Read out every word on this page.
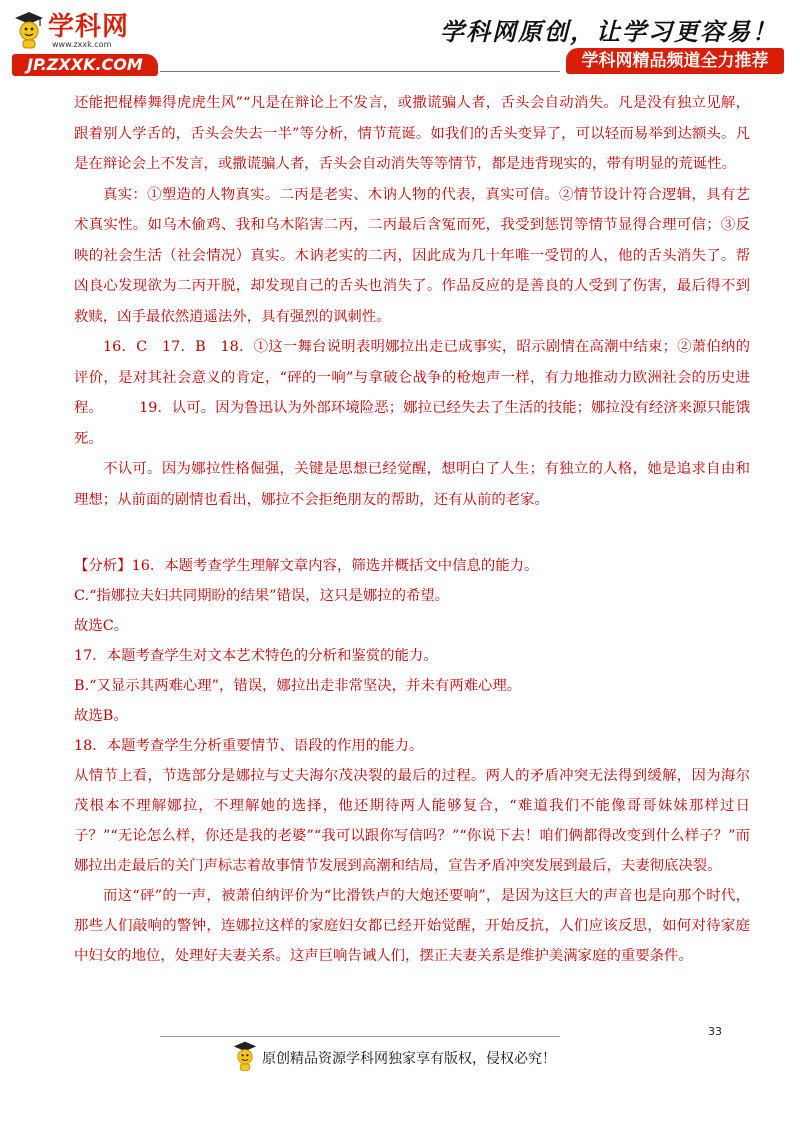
学科网
www.zxxk.com
JP.ZXXK.COM
学科网原创，让学习更容易！
学科网精品频道全力推荐

还能把棍棒舞得虎虎生风”“凡是在辩论上不发言，或撒谎骗人者，舌头会自动消失。凡是没有独立见解，跟着别人学舌的，舌头会失去一半”等分析，情节荒诞。如我们的舌头变异了，可以轻而易举到达额头。凡是在辩论会上不发言，或撒谎骗人者，舌头会自动消失等等情节，都是违背现实的，带有明显的荒诞性。

真实：①塑造的人物真实。二丙是老实、木讷人物的代表，真实可信。②情节设计符合逻辑，具有艺术真实性。如乌木偷鸡、我和乌木陷害二丙，二丙最后含冤而死，我受到惩罚等情节显得合理可信；③反映的社会生活（社会情况）真实。木讷老实的二丙，因此成为几十年唯一受罚的人，他的舌头消失了。帮凶良心发现欲为二丙开脱，却发现自己的舌头也消失了。作品反应的是善良的人受到了伤害，最后得不到救赎，凶手最依然逍遥法外，具有强烈的讽刺性。

16．C　17．B　18．①这一舞台说明表明娜拉出走已成事实，昭示剧情在高潮中结束；②萧伯纳的评价，是对其社会意义的肯定，“砰的一响”与拿破仑战争的枪炮声一样，有力地推动力欧洲社会的历史进程。　　　19．认可。因为鲁迅认为外部环境险恶；娜拉已经失去了生活的技能；娜拉没有经济来源只能饿死。

不认可。因为娜拉性格倔强，关键是思想已经觉醒，想明白了人生；有独立的人格，她是追求自由和理想；从前面的剧情也看出，娜拉不会拒绝朋友的帮助，还有从前的老家。

【分析】16．本题考查学生理解文章内容，筛选并概括文中信息的能力。

C.“指娜拉夫妇共同期盼的结果”错误，这只是娜拉的希望。

故选C。

17．本题考查学生对文本艺术特色的分析和鉴赏的能力。

B.“又显示其两难心理”，错误，娜拉出走非常坚决，并未有两难心理。

故选B。

18．本题考查学生分析重要情节、语段的作用的能力。

从情节上看，节选部分是娜拉与丈夫海尔茂决裂的最后的过程。两人的矛盾冲突无法得到缓解，因为海尔茂根本不理解娜拉，不理解她的选择，他还期待两人能够复合，“难道我们不能像哥哥妹妹那样过日子？”“无论怎么样，你还是我的老婆”“我可以跟你写信吗？”“你说下去！咱们俩都得改变到什么样子？”而娜拉出走最后的关门声标志着故事情节发展到高潮和结局，宣告矛盾冲突发展到最后，夫妻彻底决裂。

而这“砰”的一声，被萧伯纳评价为“比滑铁卢的大炮还要响”，是因为这巨大的声音也是向那个时代，那些人们敲响的警钟，连娜拉这样的家庭妇女都已经开始觉醒，开始反抗，人们应该反思，如何对待家庭中妇女的地位，处理好夫妻关系。这声巨响告诫人们，摆正夫妻关系是维护美满家庭的重要条件。

33
原创精品资源学科网独家享有版权，侵权必究！
